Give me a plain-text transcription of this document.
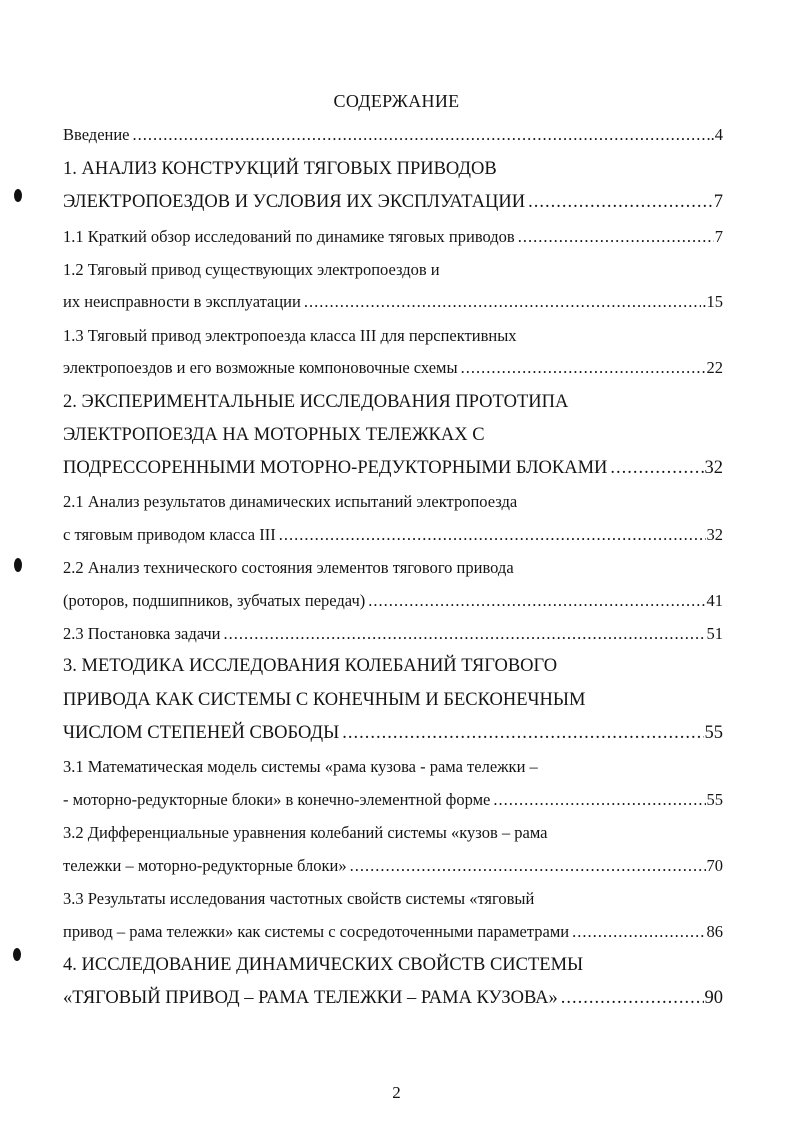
СОДЕРЖАНИЕ
Введение .....	.4
1. АНАЛИЗ КОНСТРУКЦИЙ ТЯГОВЫХ ПРИВОДОВ
ЭЛЕКТРОПОЕЗДОВ И УСЛОВИЯ ИХ ЭКСПЛУАТАЦИИ .....	7
1.1 Краткий обзор исследований по динамике тяговых приводов .....	7
1.2 Тяговый привод существующих электропоездов и
их неисправности в эксплуатации .....	.15
1.3 Тяговый привод электропоезда класса III для перспективных
электропоездов и его возможные компоновочные схемы .....	22
2. ЭКСПЕРИМЕНТАЛЬНЫЕ ИССЛЕДОВАНИЯ ПРОТОТИПА
ЭЛЕКТРОПОЕЗДА НА МОТОРНЫХ ТЕЛЕЖКАХ С
ПОДРЕССОРЕННЫМИ МОТОРНО-РЕДУКТОРНЫМИ БЛОКАМИ .....	32
2.1 Анализ результатов динамических испытаний электропоезда
с тяговым приводом класса III .....	32
2.2 Анализ технического состояния элементов тягового привода
(роторов, подшипников, зубчатых передач) .....	41
2.3 Постановка задачи .....	51
3. МЕТОДИКА ИССЛЕДОВАНИЯ КОЛЕБАНИЙ ТЯГОВОГО
ПРИВОДА КАК СИСТЕМЫ С КОНЕЧНЫМ И БЕСКОНЕЧНЫМ
ЧИСЛОМ СТЕПЕНЕЙ СВОБОДЫ .....	55
3.1 Математическая модель системы «рама кузова - рама тележки –
- моторно-редукторные блоки» в конечно-элементной форме .....	55
3.2 Дифференциальные уравнения колебаний системы «кузов – рама
тележки – моторно-редукторные блоки» .....	70
3.3 Результаты исследования частотных свойств системы «тяговый
привод – рама тележки» как системы с сосредоточенными параметрами .....	86
4. ИССЛЕДОВАНИЕ ДИНАМИЧЕСКИХ СВОЙСТВ СИСТЕМЫ
«ТЯГОВЫЙ ПРИВОД – РАМА ТЕЛЕЖКИ – РАМА КУЗОВА» .....	90
2
